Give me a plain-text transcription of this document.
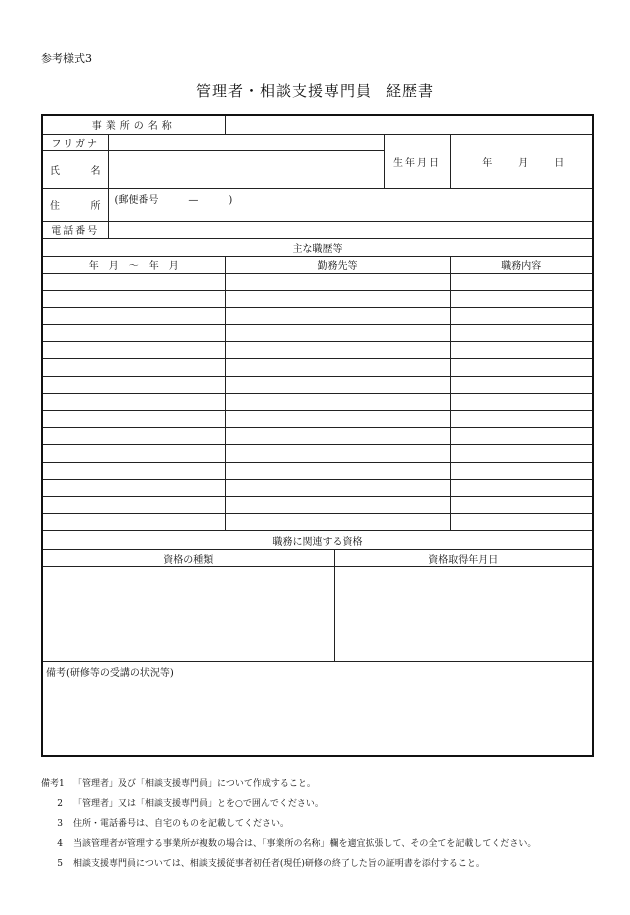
参考様式3
管理者・相談支援専門員 経歴書
事業所の名称					
フリガナ				生年月日	年 月 日

氏 名					

住 所	(郵便番号 — )				
電話番号					
主な職歴等					
年　月　～　年　月		勤務先等			職務内容

職務に関連する資格					
資格の種類			資格取得年月日		

備考(研修等の受講の状況等)					
備考1 「管理者」及び「相談支援専門員」について作成すること。
2	「管理者」又は「相談支援専門員」とを○で囲んでください。
3	住所・電話番号は、自宅のものを記載してください。
4	当該管理者が管理する事業所が複数の場合は、「事業所の名称」欄を適宜拡張して、その全てを記載してください。
5	相談支援専門員については、相談支援従事者初任者(現任)研修の終了した旨の証明書を添付すること。
